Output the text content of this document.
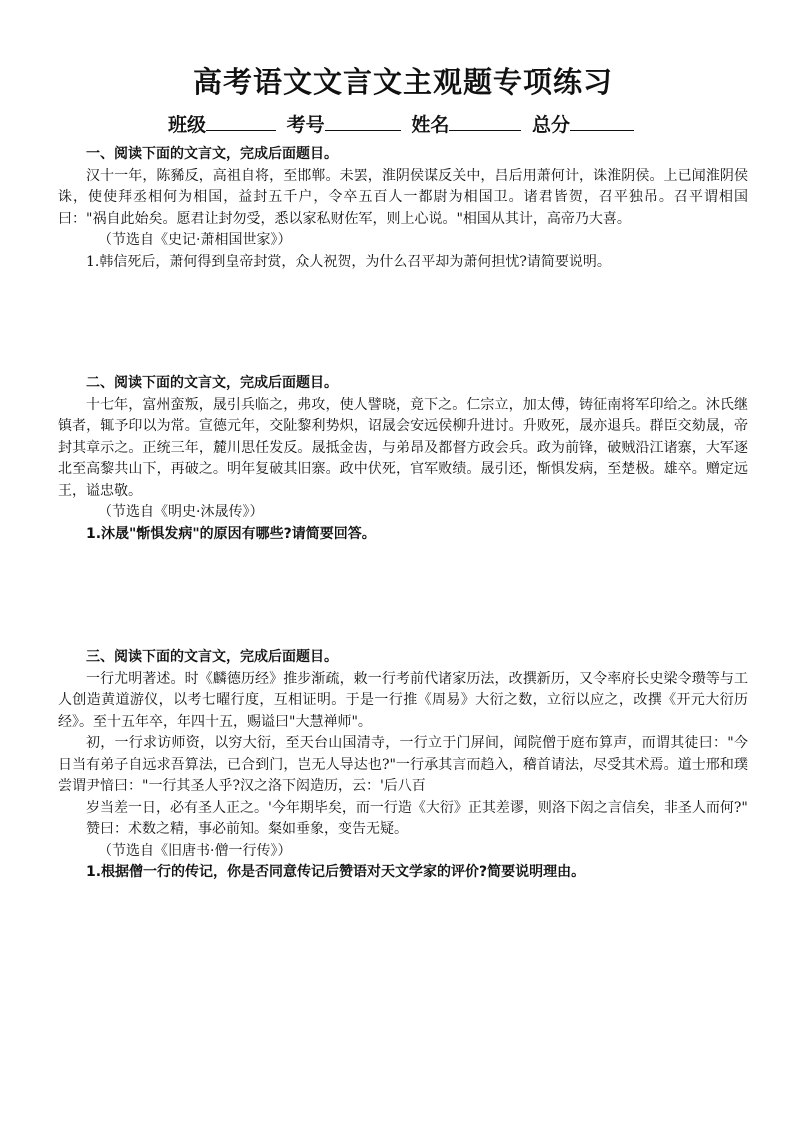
高考语文文言文主观题专项练习
班级	考号	姓名	总分

一、阅读下面的文言文，完成后面题目。

汉十一年，陈豨反，高祖自将，至邯郸。未罢，淮阴侯谋反关中，吕后用萧何计，诛淮阴侯。上已闻淮阴侯诛，使使拜丞相何为相国，益封五千户，令卒五百人一都尉为相国卫。诸君皆贺，召平独吊。召平谓相国曰："祸自此始矣。愿君让封勿受，悉以家私财佐军，则上心说。"相国从其计，高帝乃大喜。

（节选自《史记·萧相国世家》）

1.韩信死后，萧何得到皇帝封赏，众人祝贺，为什么召平却为萧何担忧?请简要说明。

二、阅读下面的文言文，完成后面题目。

十七年，富州蛮叛，晟引兵临之，弗攻，使人譬晓，竟下之。仁宗立，加太傅，铸征南将军印给之。沐氏继镇者，辄予印以为常。宣德元年，交阯黎利势炽，诏晟会安远侯柳升进讨。升败死，晟亦退兵。群臣交劾晟，帝封其章示之。正统三年，麓川思任发反。晟抵金齿，与弟昂及都督方政会兵。政为前锋，破贼沿江诸寨，大军逐北至高黎共山下，再破之。明年复破其旧寨。政中伏死，官军败绩。晟引还，惭惧发病，至楚极。雄卒。赠定远王，谥忠敬。

（节选自《明史·沐晟传》）

1.沐晟"惭惧发病"的原因有哪些?请简要回答。

三、阅读下面的文言文，完成后面题目。

一行尤明著述。时《麟德历经》推步渐疏，敕一行考前代诸家历法，改撰新历，又令率府长史梁令瓒等与工人创造黄道游仪，以考七曜行度，互相证明。于是一行推《周易》大衍之数，立衍以应之，改撰《开元大衍历经》。至十五年卒，年四十五，赐谥曰"大慧禅师"。

初，一行求访师资，以穷大衍，至天台山国清寺，一行立于门屏间，闻院僧于庭布算声，而谓其徒曰："今日当有弟子自远求吾算法，已合到门，岂无人导达也?"一行承其言而趋入，稽首请法，尽受其术焉。道士邢和璞尝谓尹愔曰："一行其圣人乎?汉之洛下闳造历，云：'后八百

岁当差一日，必有圣人正之。'今年期毕矣，而一行造《大衍》正其差谬，则洛下闳之言信矣，非圣人而何?"

赞曰：术数之精，事必前知。粲如垂象，变告无疑。

（节选自《旧唐书·僧一行传》）

1.根据僧一行的传记，你是否同意传记后赞语对天文学家的评价?简要说明理由。
